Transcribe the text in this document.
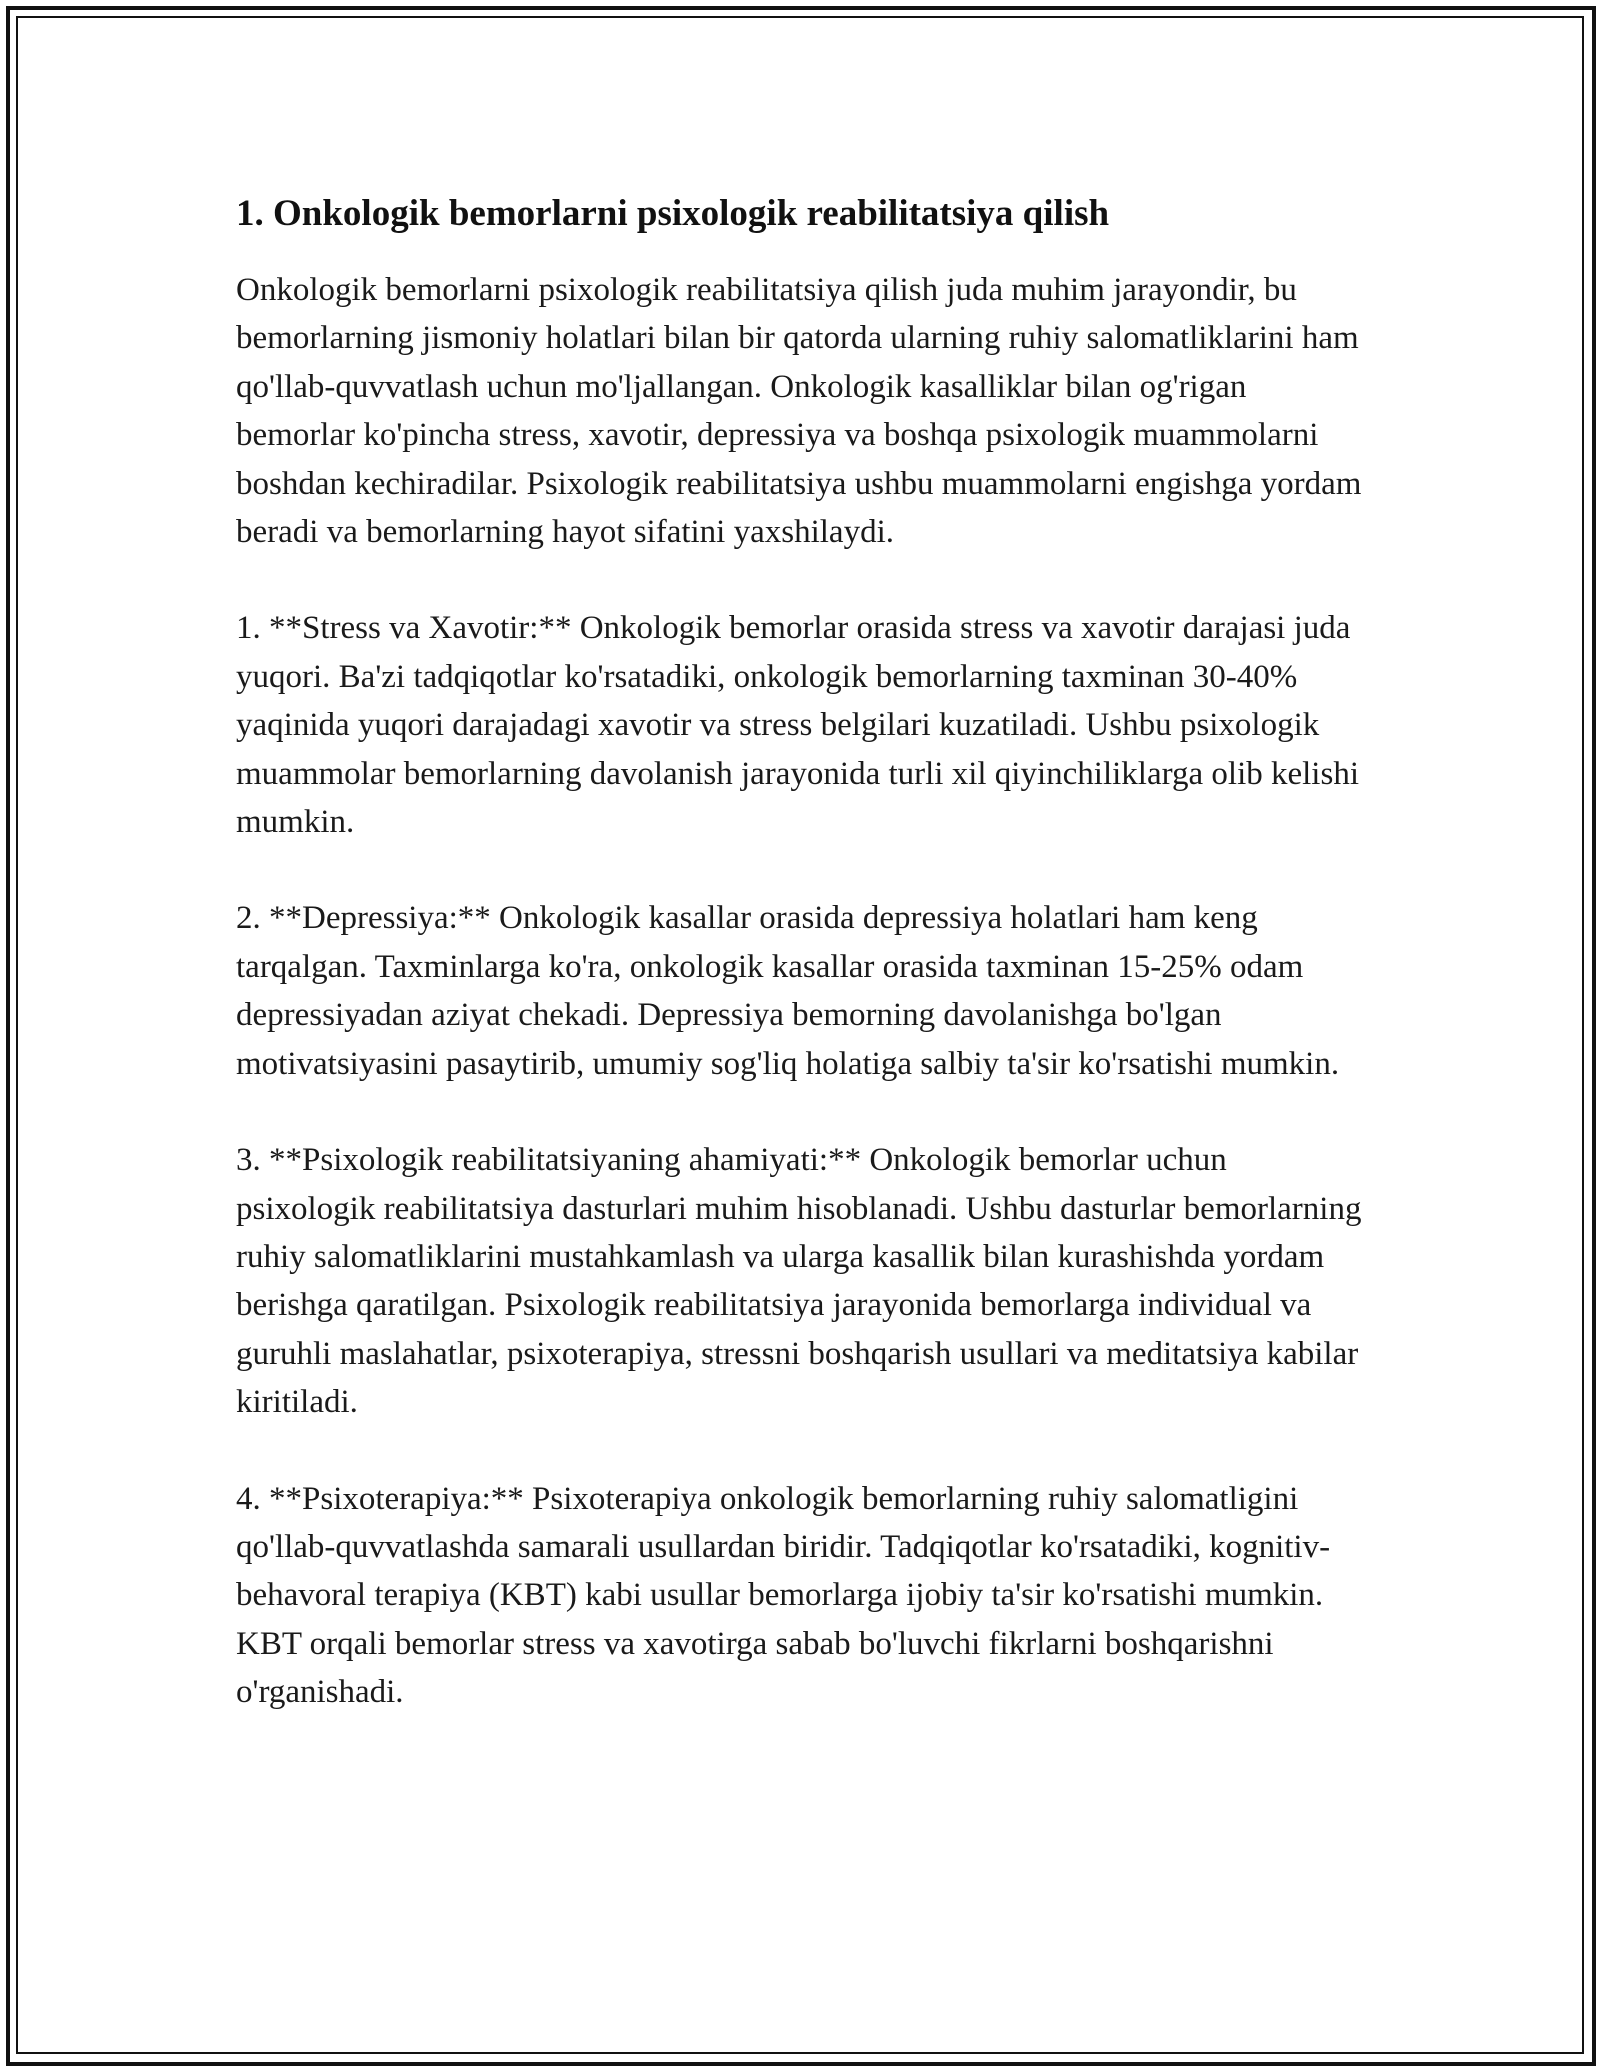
1. Onkologik bemorlarni psixologik reabilitatsiya qilish

Onkologik bemorlarni psixologik reabilitatsiya qilish juda muhim jarayondir, bu bemorlarning jismoniy holatlari bilan bir qatorda ularning ruhiy salomatliklarini ham qo'llab-quvvatlash uchun mo'ljallangan. Onkologik kasalliklar bilan og'rigan bemorlar ko'pincha stress, xavotir, depressiya va boshqa psixologik muammolarni boshdan kechiradilar. Psixologik reabilitatsiya ushbu muammolarni engishga yordam beradi va bemorlarning hayot sifatini yaxshilaydi.

1. **Stress va Xavotir:** Onkologik bemorlar orasida stress va xavotir darajasi juda yuqori. Ba'zi tadqiqotlar ko'rsatadiki, onkologik bemorlarning taxminan 30-40% yaqinida yuqori darajadagi xavotir va stress belgilari kuzatiladi. Ushbu psixologik muammolar bemorlarning davolanish jarayonida turli xil qiyinchiliklarga olib kelishi mumkin.

2. **Depressiya:** Onkologik kasallar orasida depressiya holatlari ham keng tarqalgan. Taxminlarga ko'ra, onkologik kasallar orasida taxminan 15-25% odam depressiyadan aziyat chekadi. Depressiya bemorning davolanishga bo'lgan motivatsiyasini pasaytirib, umumiy sog'liq holatiga salbiy ta'sir ko'rsatishi mumkin.

3. **Psixologik reabilitatsiyaning ahamiyati:** Onkologik bemorlar uchun psixologik reabilitatsiya dasturlari muhim hisoblanadi. Ushbu dasturlar bemorlarning ruhiy salomatliklarini mustahkamlash va ularga kasallik bilan kurashishda yordam berishga qaratilgan. Psixologik reabilitatsiya jarayonida bemorlarga individual va guruhli maslahatlar, psixoterapiya, stressni boshqarish usullari va meditatsiya kabilar kiritiladi.

4. **Psixoterapiya:** Psixoterapiya onkologik bemorlarning ruhiy salomatligini qo'llab-quvvatlashda samarali usullardan biridir. Tadqiqotlar ko'rsatadiki, kognitiv-behavoral terapiya (KBT) kabi usullar bemorlarga ijobiy ta'sir ko'rsatishi mumkin. KBT orqali bemorlar stress va xavotirga sabab bo'luvchi fikrlarni boshqarishni o'rganishadi.
